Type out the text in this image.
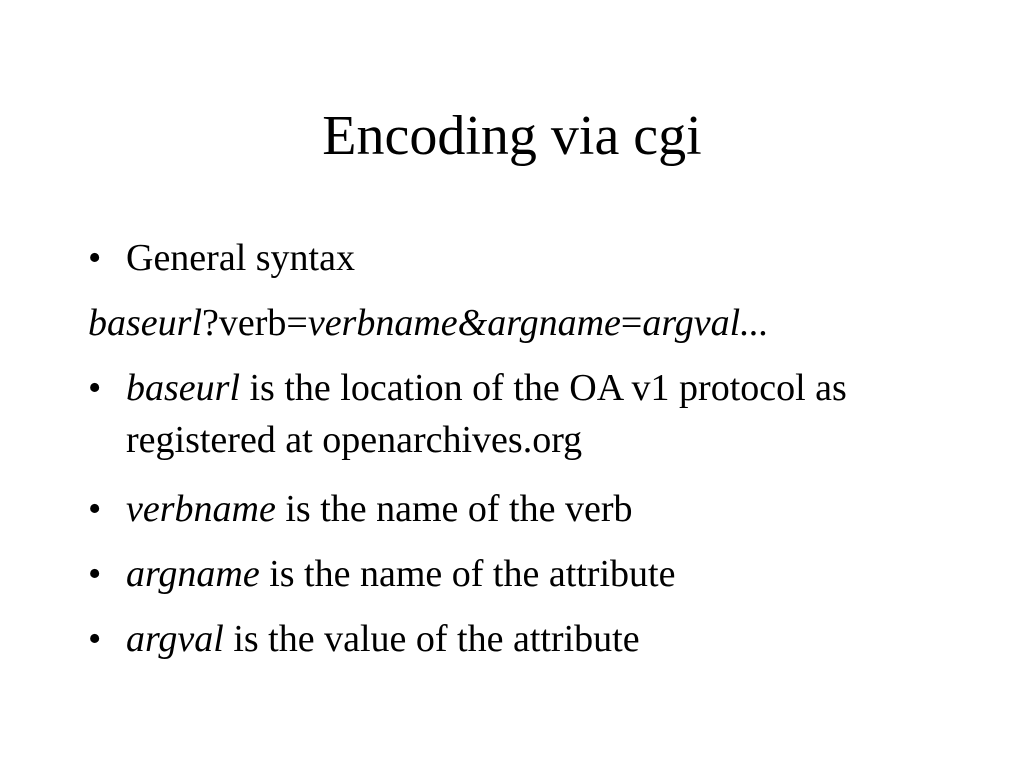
Encoding via cgi

• General syntax

baseurl?verb=verbname&argname=argval...

• baseurl is the location of the OA v1 protocol as registered at openarchives.org

• verbname is the name of the verb

• argname is the name of the attribute

• argval is the value of the attribute
